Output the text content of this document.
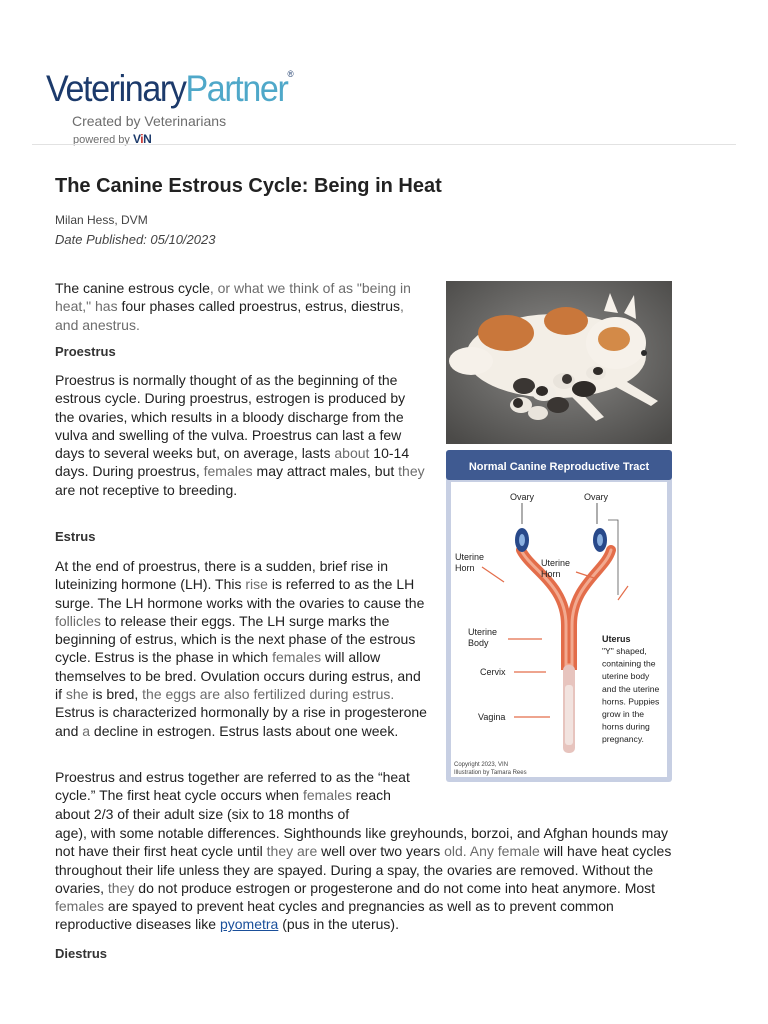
VeterinaryPartner®
Created by Veterinarians
powered by ViN
The Canine Estrous Cycle: Being in Heat
Milan Hess, DVM
Date Published: 05/10/2023

The canine estrous cycle, or what we think of as "being in heat," has four phases called proestrus, estrus, diestrus, and anestrus.

Proestrus

Proestrus is normally thought of as the beginning of the estrous cycle. During proestrus, estrogen is produced by the ovaries, which results in a bloody discharge from the vulva and swelling of the vulva. Proestrus can last a few days to several weeks but, on average, lasts about 10-14 days. During proestrus, females may attract males, but they are not receptive to breeding.

Estrus

At the end of proestrus, there is a sudden, brief rise in luteinizing hormone (LH). This rise is referred to as the LH surge. The LH hormone works with the ovaries to cause the follicles to release their eggs. The LH surge marks the beginning of estrus, which is the next phase of the estrous cycle. Estrus is the phase in which females will allow themselves to be bred. Ovulation occurs during estrus, and if she is bred, the eggs are also fertilized during estrus. Estrus is characterized hormonally by a rise in progesterone and a decline in estrogen. Estrus lasts about one week.

Proestrus and estrus together are referred to as the “heat cycle.” The first heat cycle occurs when females reach about 2/3 of their adult size (six to 18 months of

age), with some notable differences. Sighthounds like greyhounds, borzoi, and Afghan hounds may not have their first heat cycle until they are well over two years old. Any female will have heat cycles throughout their life unless they are spayed. During a spay, the ovaries are removed. Without the ovaries, they do not produce estrogen or progesterone and do not come into heat anymore. Most females are spayed to prevent heat cycles and pregnancies as well as to prevent common reproductive diseases like pyometra (pus in the uterus).

Diestrus
Normal Canine Reproductive Tract
Ovary	Ovary
Uterine
Horn	Uterine
Horn
Uterine
Body
Cervix
Vagina
Uterus
"Y" shaped,
containing the
uterine body
and the uterine
horns. Puppies
grow in the
horns during
pregnancy.
Copyright 2023, VIN
Illustration by Tamara Rees
